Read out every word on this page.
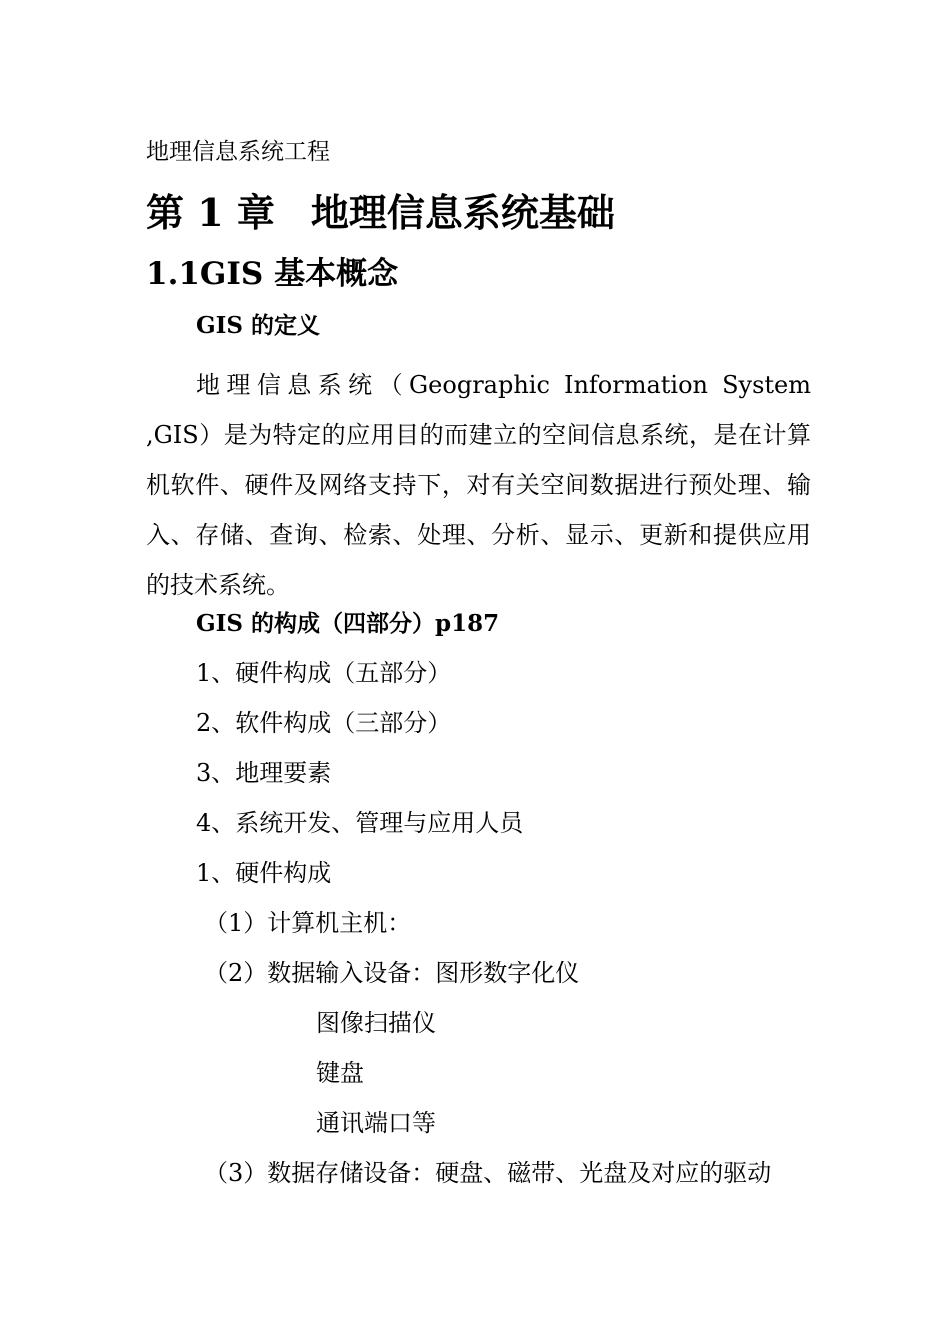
地理信息系统工程
第 1 章 地理信息系统基础
1.1GIS 基本概念
GIS 的定义
地理信息系统（Geographic Information System ,GIS）是为特定的应用目的而建立的空间信息系统，是在计算机软件、硬件及网络支持下，对有关空间数据进行预处理、输入、存储、查询、检索、处理、分析、显示、更新和提供应用的技术系统。
GIS 的构成（四部分）p187
1、硬件构成（五部分）
2、软件构成（三部分）
3、地理要素
4、系统开发、管理与应用人员
1、硬件构成
（1）计算机主机：
（2）数据输入设备：图形数字化仪
图像扫描仪
键盘
通讯端口等
（3）数据存储设备：硬盘、磁带、光盘及对应的驱动
